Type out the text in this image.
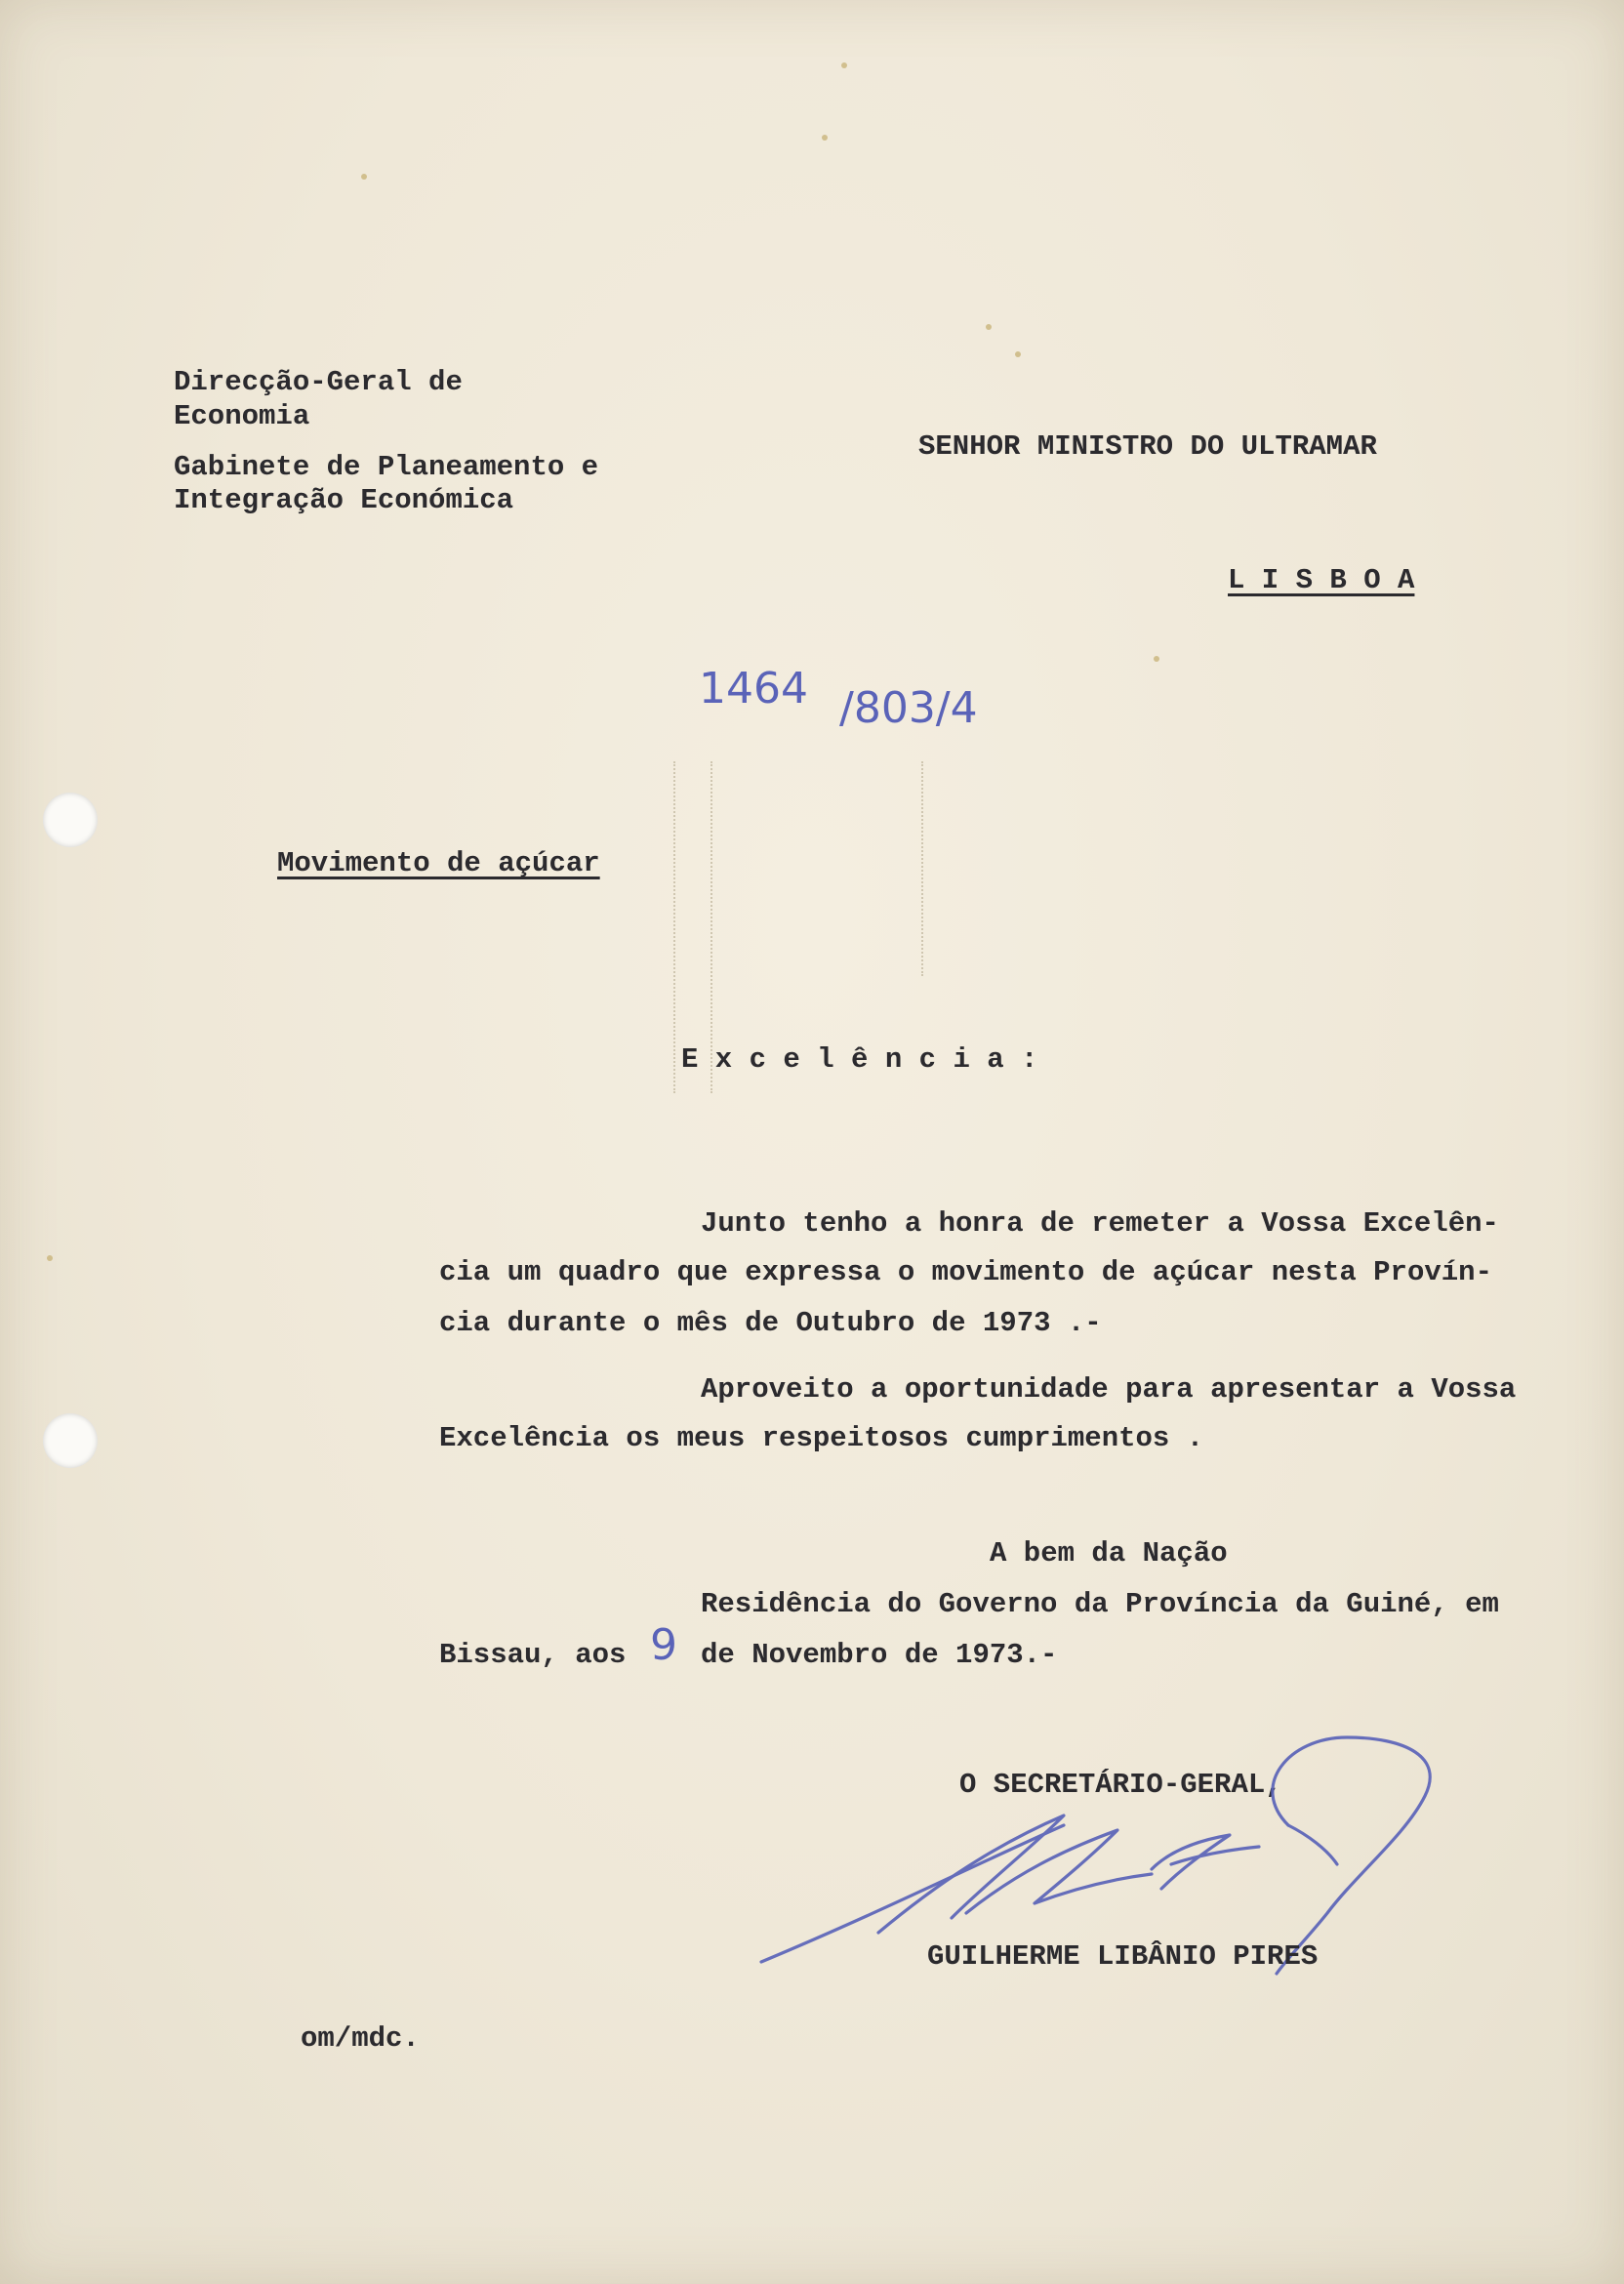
Direcção-Geral de
Economia
Gabinete de Planeamento e
Integração Económica
SENHOR MINISTRO DO ULTRAMAR
L I S B O A
1464 /803/4
Movimento de açúcar
E x c e l ê n c i a :
Junto tenho a honra de remeter a Vossa Excelên-
cia um quadro que expressa o movimento de açúcar nesta Provín-
cia durante o mês de Outubro de 1973 .-
Aproveito a oportunidade para apresentar a Vossa
Excelência os meus respeitosos cumprimentos .
A bem da Nação
Residência do Governo da Província da Guiné, em
Bissau, aos 9 de Novembro de 1973.-
O SECRETÁRIO-GERAL,
GUILHERME LIBÂNIO PIRES
om/mdc.
